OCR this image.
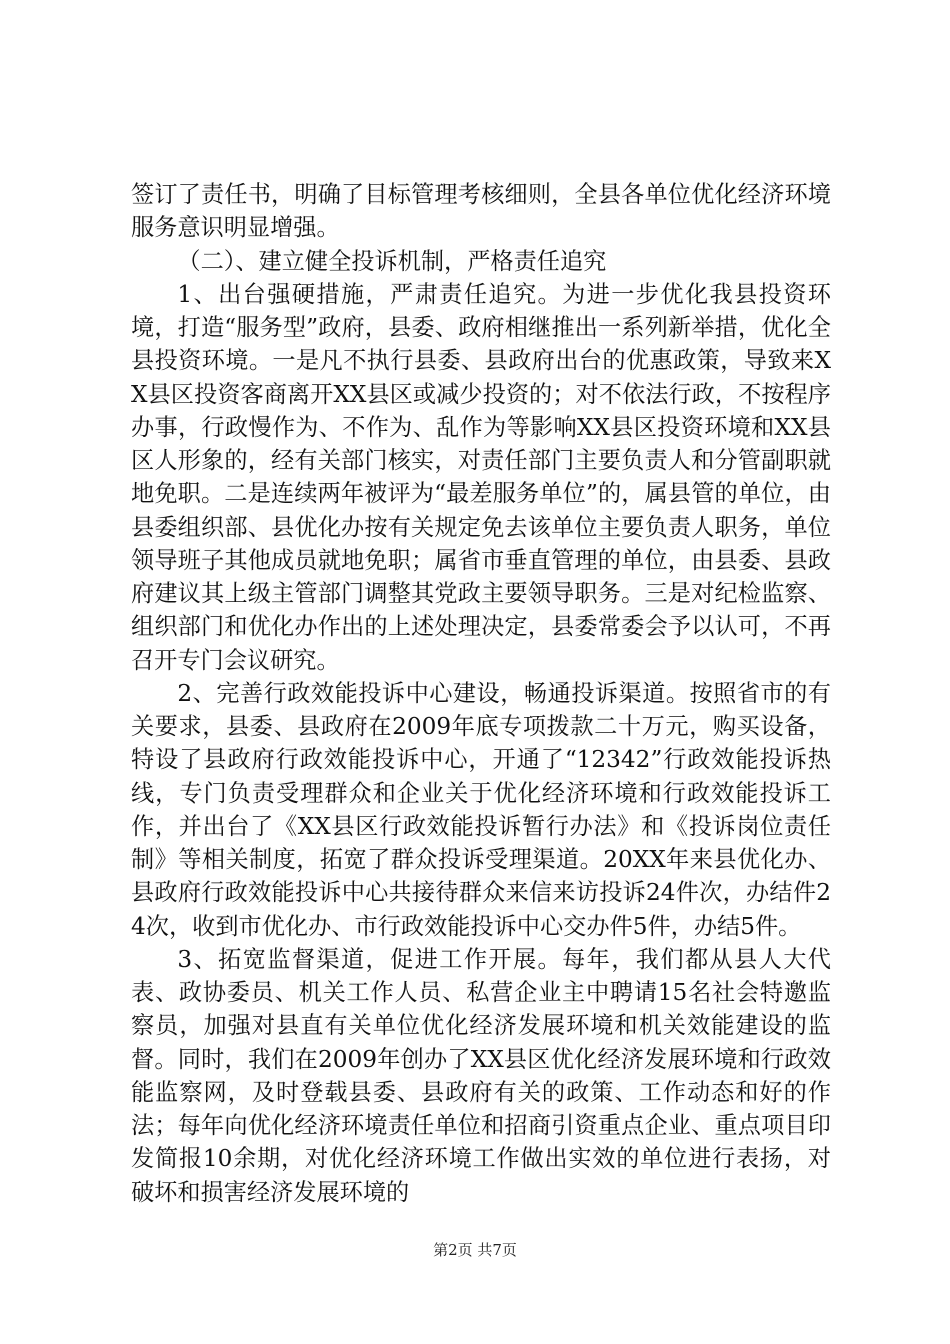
签订了责任书，明确了目标管理考核细则，全县各单位优化经济环境服务意识明显增强。

（二）、建立健全投诉机制，严格责任追究

1、出台强硬措施，严肃责任追究。为进一步优化我县投资环境，打造“服务型”政府，县委、政府相继推出一系列新举措，优化全县投资环境。一是凡不执行县委、县政府出台的优惠政策，导致来XX县区投资客商离开XX县区或减少投资的；对不依法行政，不按程序办事，行政慢作为、不作为、乱作为等影响XX县区投资环境和XX县区人形象的，经有关部门核实，对责任部门主要负责人和分管副职就地免职。二是连续两年被评为“最差服务单位”的，属县管的单位，由县委组织部、县优化办按有关规定免去该单位主要负责人职务，单位领导班子其他成员就地免职；属省市垂直管理的单位，由县委、县政府建议其上级主管部门调整其党政主要领导职务。三是对纪检监察、组织部门和优化办作出的上述处理决定，县委常委会予以认可，不再召开专门会议研究。

2、完善行政效能投诉中心建设，畅通投诉渠道。按照省市的有关要求，县委、县政府在2009年底专项拨款二十万元，购买设备，特设了县政府行政效能投诉中心，开通了“12342”行政效能投诉热线，专门负责受理群众和企业关于优化经济环境和行政效能投诉工作，并出台了《XX县区行政效能投诉暂行办法》和《投诉岗位责任制》等相关制度，拓宽了群众投诉受理渠道。20XX年来县优化办、县政府行政效能投诉中心共接待群众来信来访投诉24件次，办结件24次，收到市优化办、市行政效能投诉中心交办件5件，办结5件。

3、拓宽监督渠道，促进工作开展。每年，我们都从县人大代表、政协委员、机关工作人员、私营企业主中聘请15名社会特邀监察员，加强对县直有关单位优化经济发展环境和机关效能建设的监督。同时，我们在2009年创办了XX县区优化经济发展环境和行政效能监察网，及时登载县委、县政府有关的政策、工作动态和好的作法；每年向优化经济环境责任单位和招商引资重点企业、重点项目印发简报10余期，对优化经济环境工作做出实效的单位进行表扬，对破坏和损害经济发展环境的

第2页 共7页
